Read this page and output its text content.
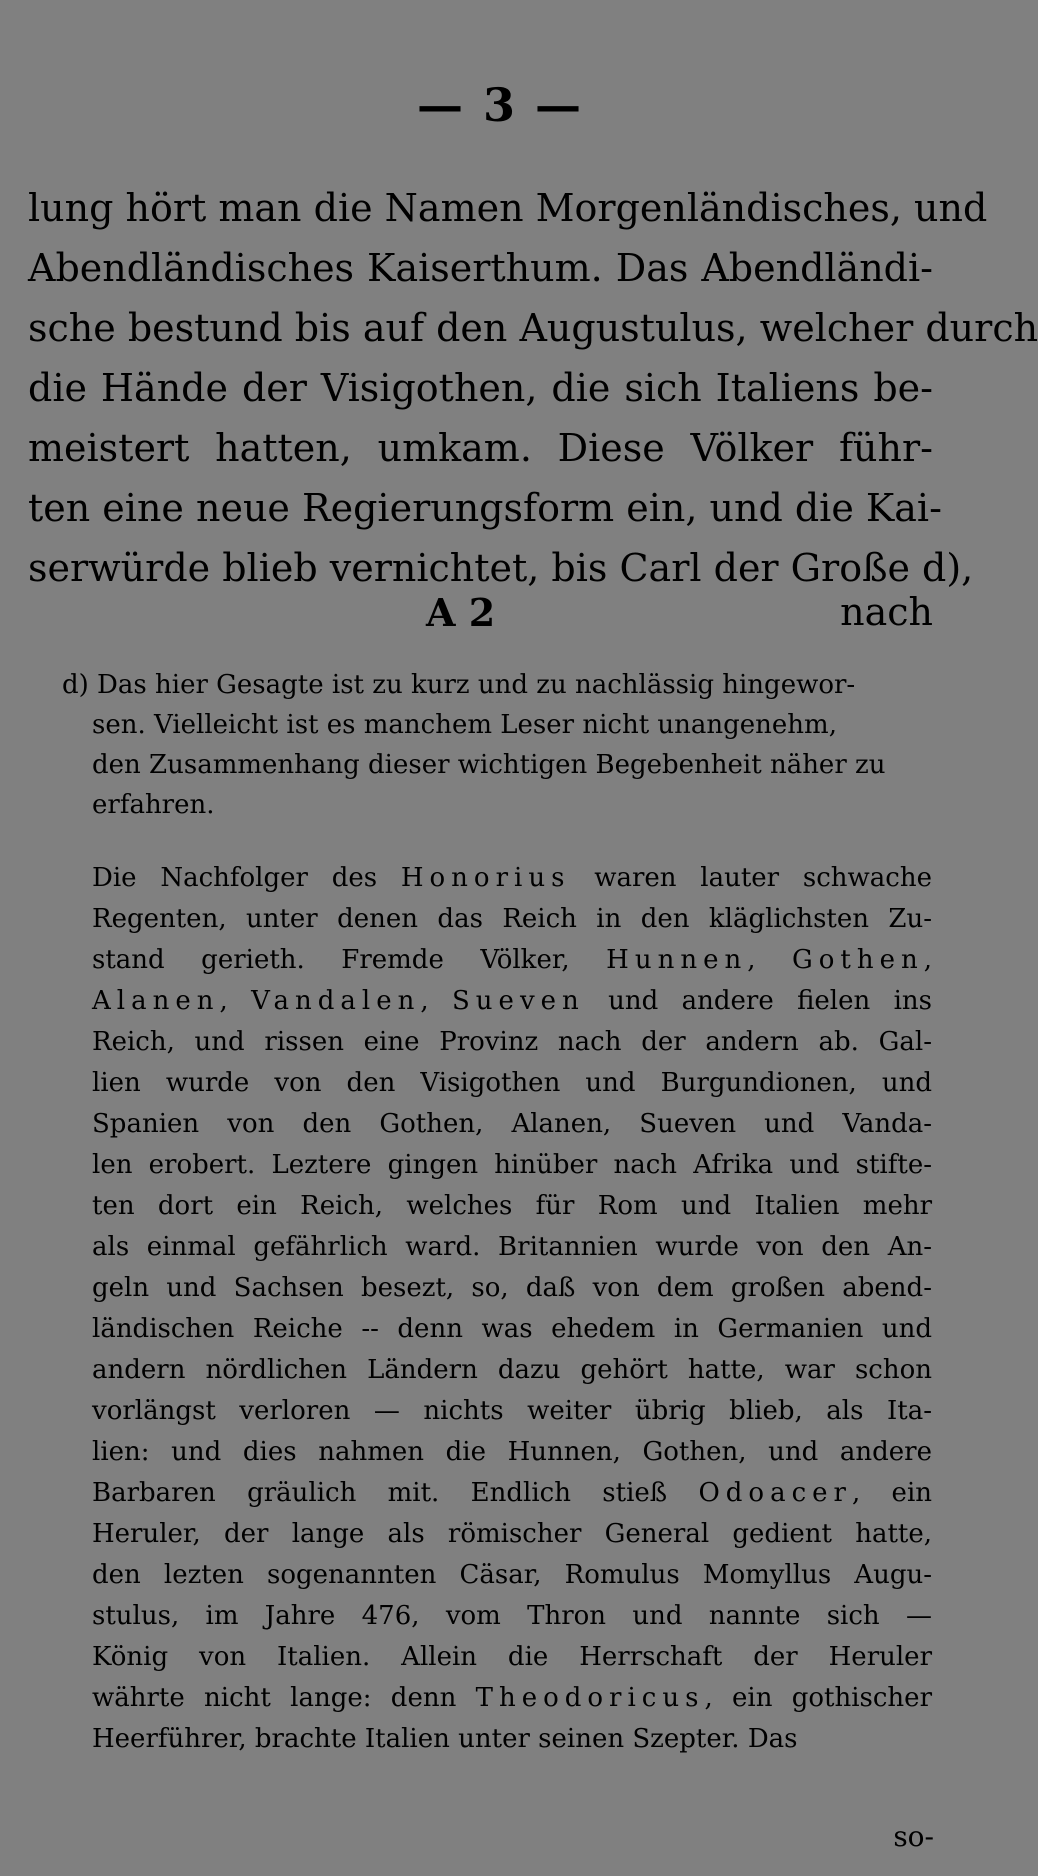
— 3 —
lung hört man die Namen Morgenländisches, und
Abendländisches Kaiserthum. Das Abendländi-
sche bestund bis auf den Augustulus, welcher durch
die Hände der Visigothen, die sich Italiens be-
meistert hatten, umkam. Diese Völker führ-
ten eine neue Regierungsform ein, und die Kai-
serwürde blieb vernichtet, bis Carl der Große d),
A 2	nach
d) Das hier Gesagte ist zu kurz und zu nachlässig hingewor-
sen. Vielleicht ist es manchem Leser nicht unangenehm,
den Zusammenhang dieser wichtigen Begebenheit näher zu
erfahren.
Die Nachfolger des Honorius waren lauter schwache
Regenten, unter denen das Reich in den kläglichsten Zu-
stand gerieth. Fremde Völker, Hunnen, Gothen,
Alanen, Vandalen, Sueven und andere fielen ins
Reich, und rissen eine Provinz nach der andern ab. Gal-
lien wurde von den Visigothen und Burgundionen, und
Spanien von den Gothen, Alanen, Sueven und Vanda-
len erobert. Leztere gingen hinüber nach Afrika und stifte-
ten dort ein Reich, welches für Rom und Italien mehr
als einmal gefährlich ward. Britannien wurde von den An-
geln und Sachsen besezt, so, daß von dem großen abend-
ländischen Reiche -- denn was ehedem in Germanien und
andern nördlichen Ländern dazu gehört hatte, war schon
vorlängst verloren — nichts weiter übrig blieb, als Ita-
lien: und dies nahmen die Hunnen, Gothen, und andere
Barbaren gräulich mit. Endlich stieß Odoacer, ein
Heruler, der lange als römischer General gedient hatte,
den lezten sogenannten Cäsar, Romulus Momyllus Augu-
stulus, im Jahre 476, vom Thron und nannte sich —
König von Italien. Allein die Herrschaft der Heruler
währte nicht lange: denn Theodoricus, ein gothischer
Heerführer, brachte Italien unter seinen Szepter. Das
so-
